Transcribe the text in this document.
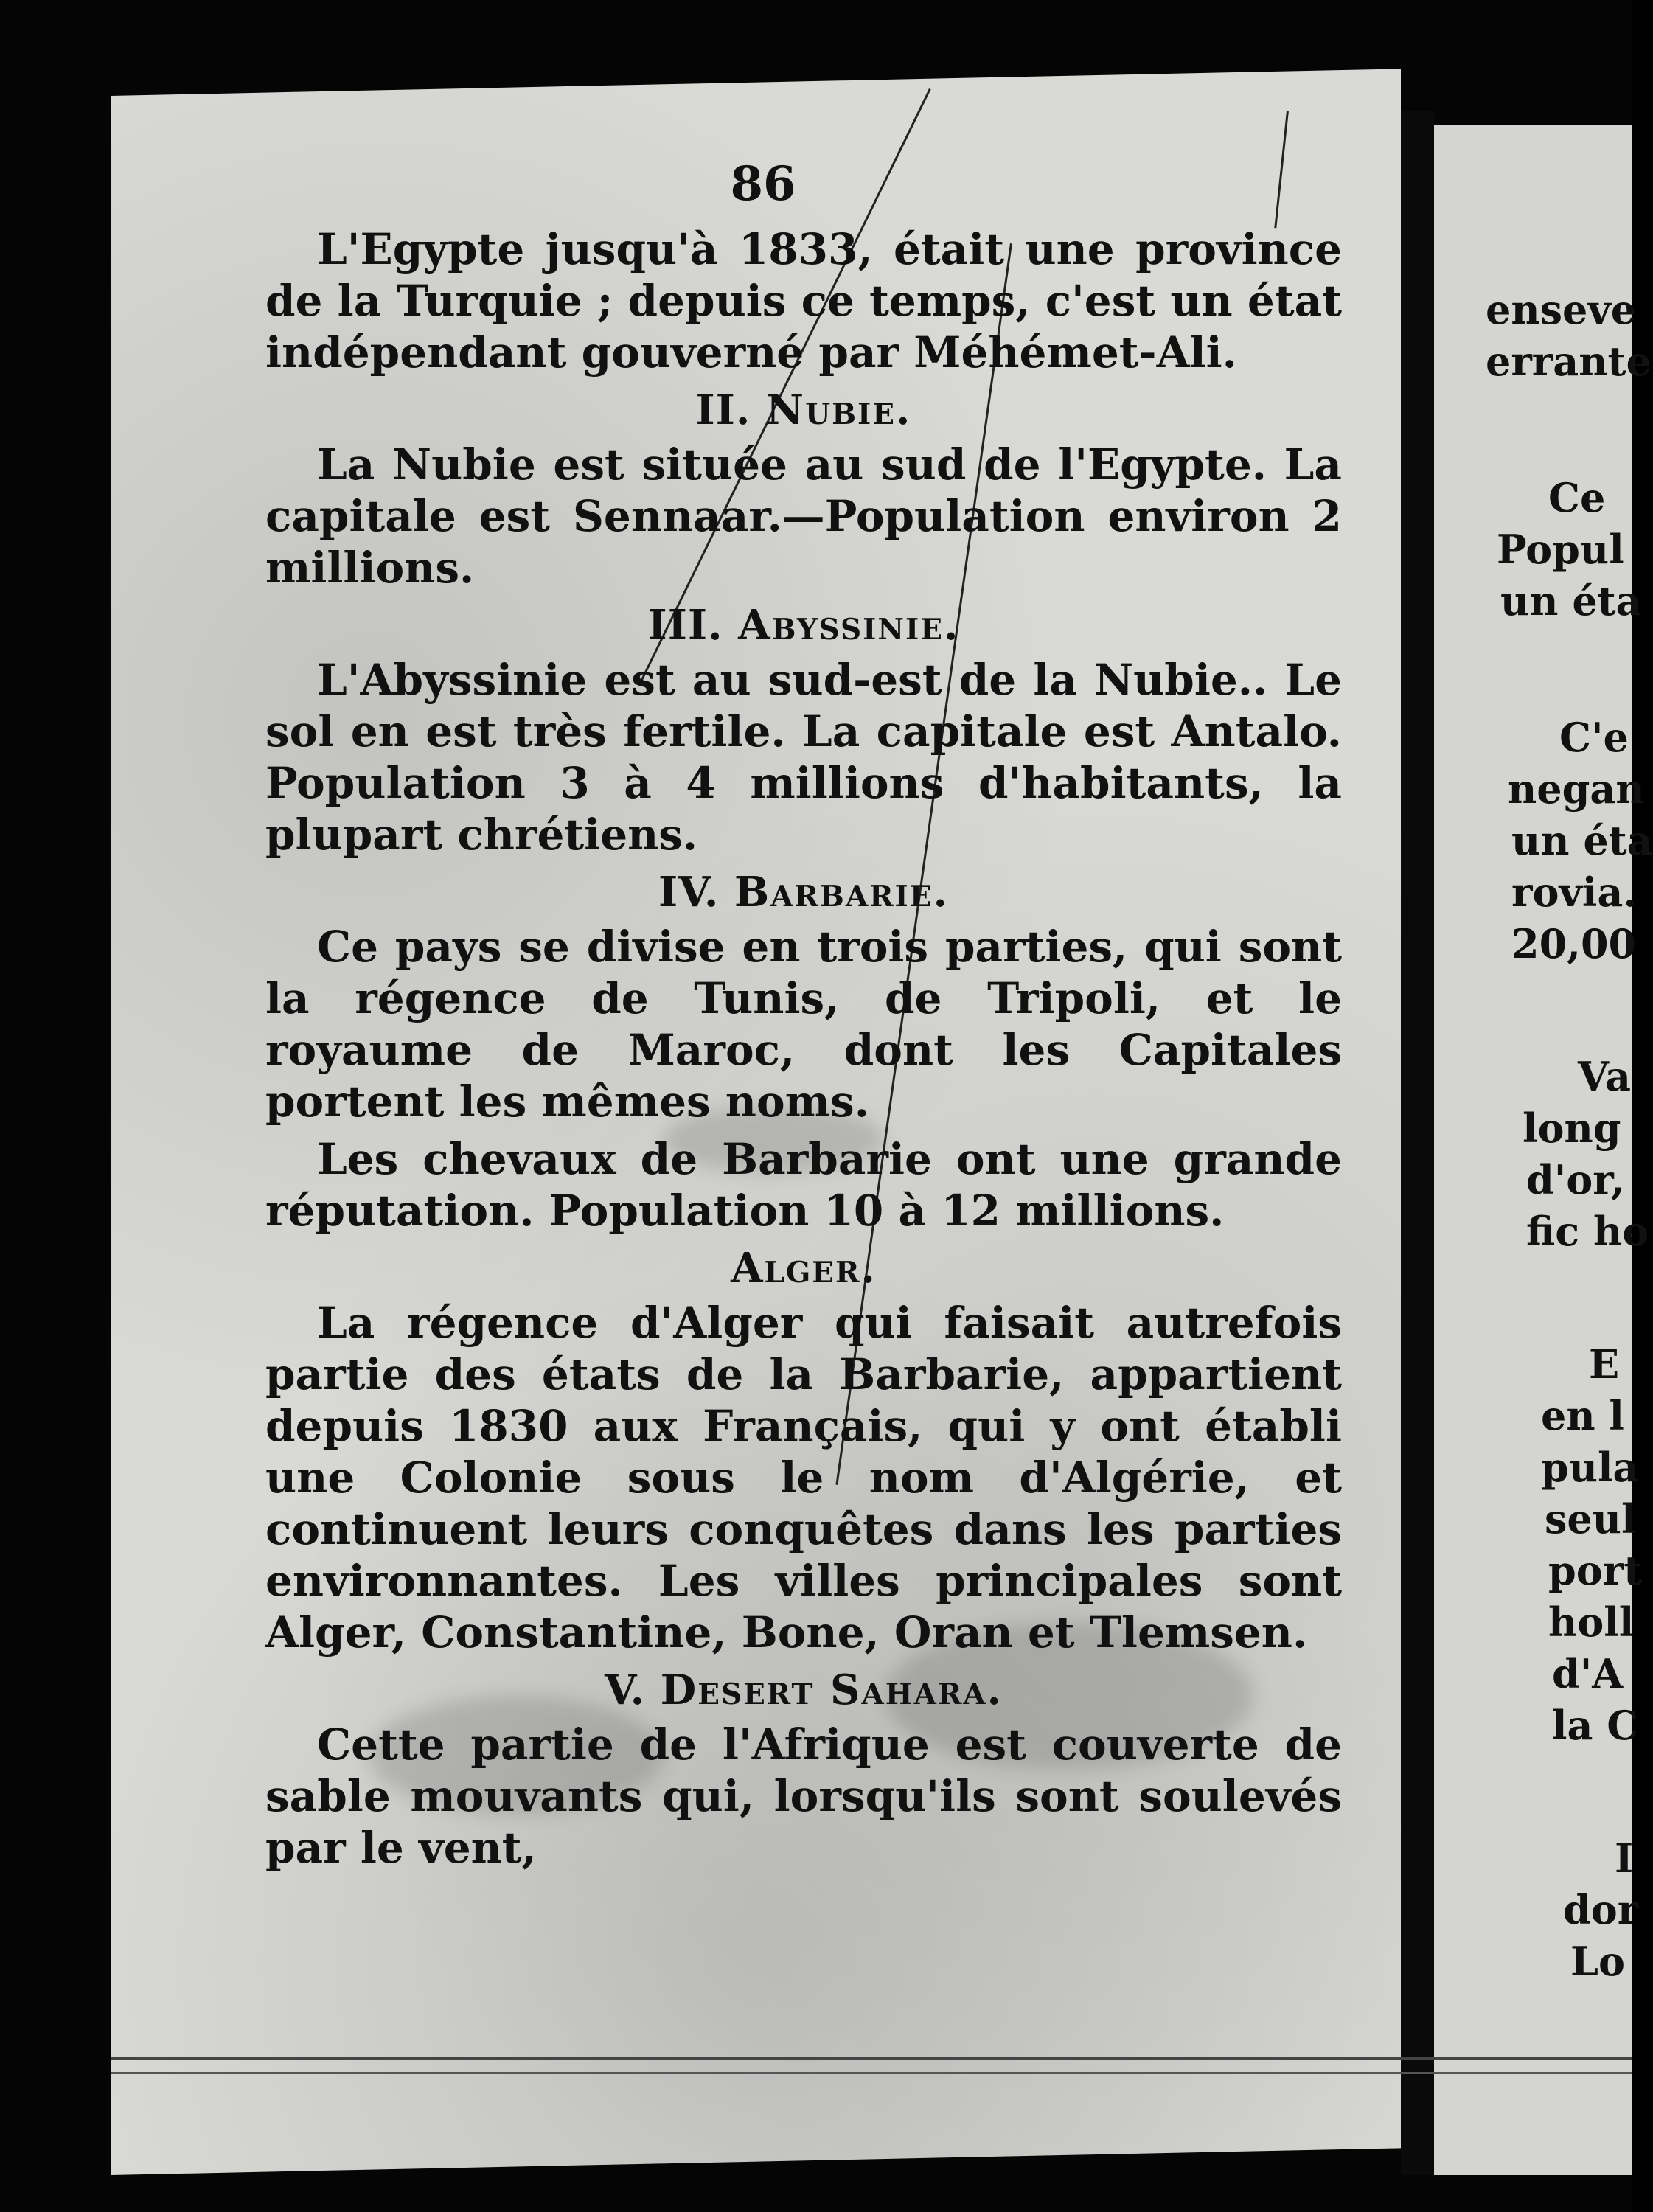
86

L'Egypte jusqu'à 1833, était une province de la Turquie ; depuis ce temps, c'est un état indépendant gouverné par Méhémet-Ali.

II. Nubie.

La Nubie est située au sud de l'Egypte. La capitale est Sennaar.—Population environ 2 millions.

III. Abyssinie.

L'Abyssinie est au sud-est de la Nubie.. Le sol en est très fertile. La capitale est Antalo. Population 3 à 4 millions d'habitants, la plupart chrétiens.

IV. Barbarie.

Ce pays se divise en trois parties, qui sont la régence de Tunis, de Tripoli, et le royaume de Maroc, dont les Capitales portent les mêmes noms.

Les chevaux de Barbarie ont une grande réputation. Population 10 à 12 millions.

Alger.

La régence d'Alger qui faisait autrefois partie des états de la Barbarie, appartient depuis 1830 aux Français, qui y ont établi une Colonie sous le nom d'Algérie, et continuent leurs conquêtes dans les parties environnantes. Les villes principales sont Alger, Constantine, Bone, Oran et Tlemsen.

V. Desert Sahara.

Cette partie de l'Afrique est couverte de sable mouvants qui, lorsqu'ils sont soulevés par le vent,

enseve
errante
Ce
Popul
un éta
C'e
negan
un éta
rovia.
20,00
Va
long
d'or,
fic ho
E
en l
pula
seul
port
holl
d'A
la C
I
dor
Lo
